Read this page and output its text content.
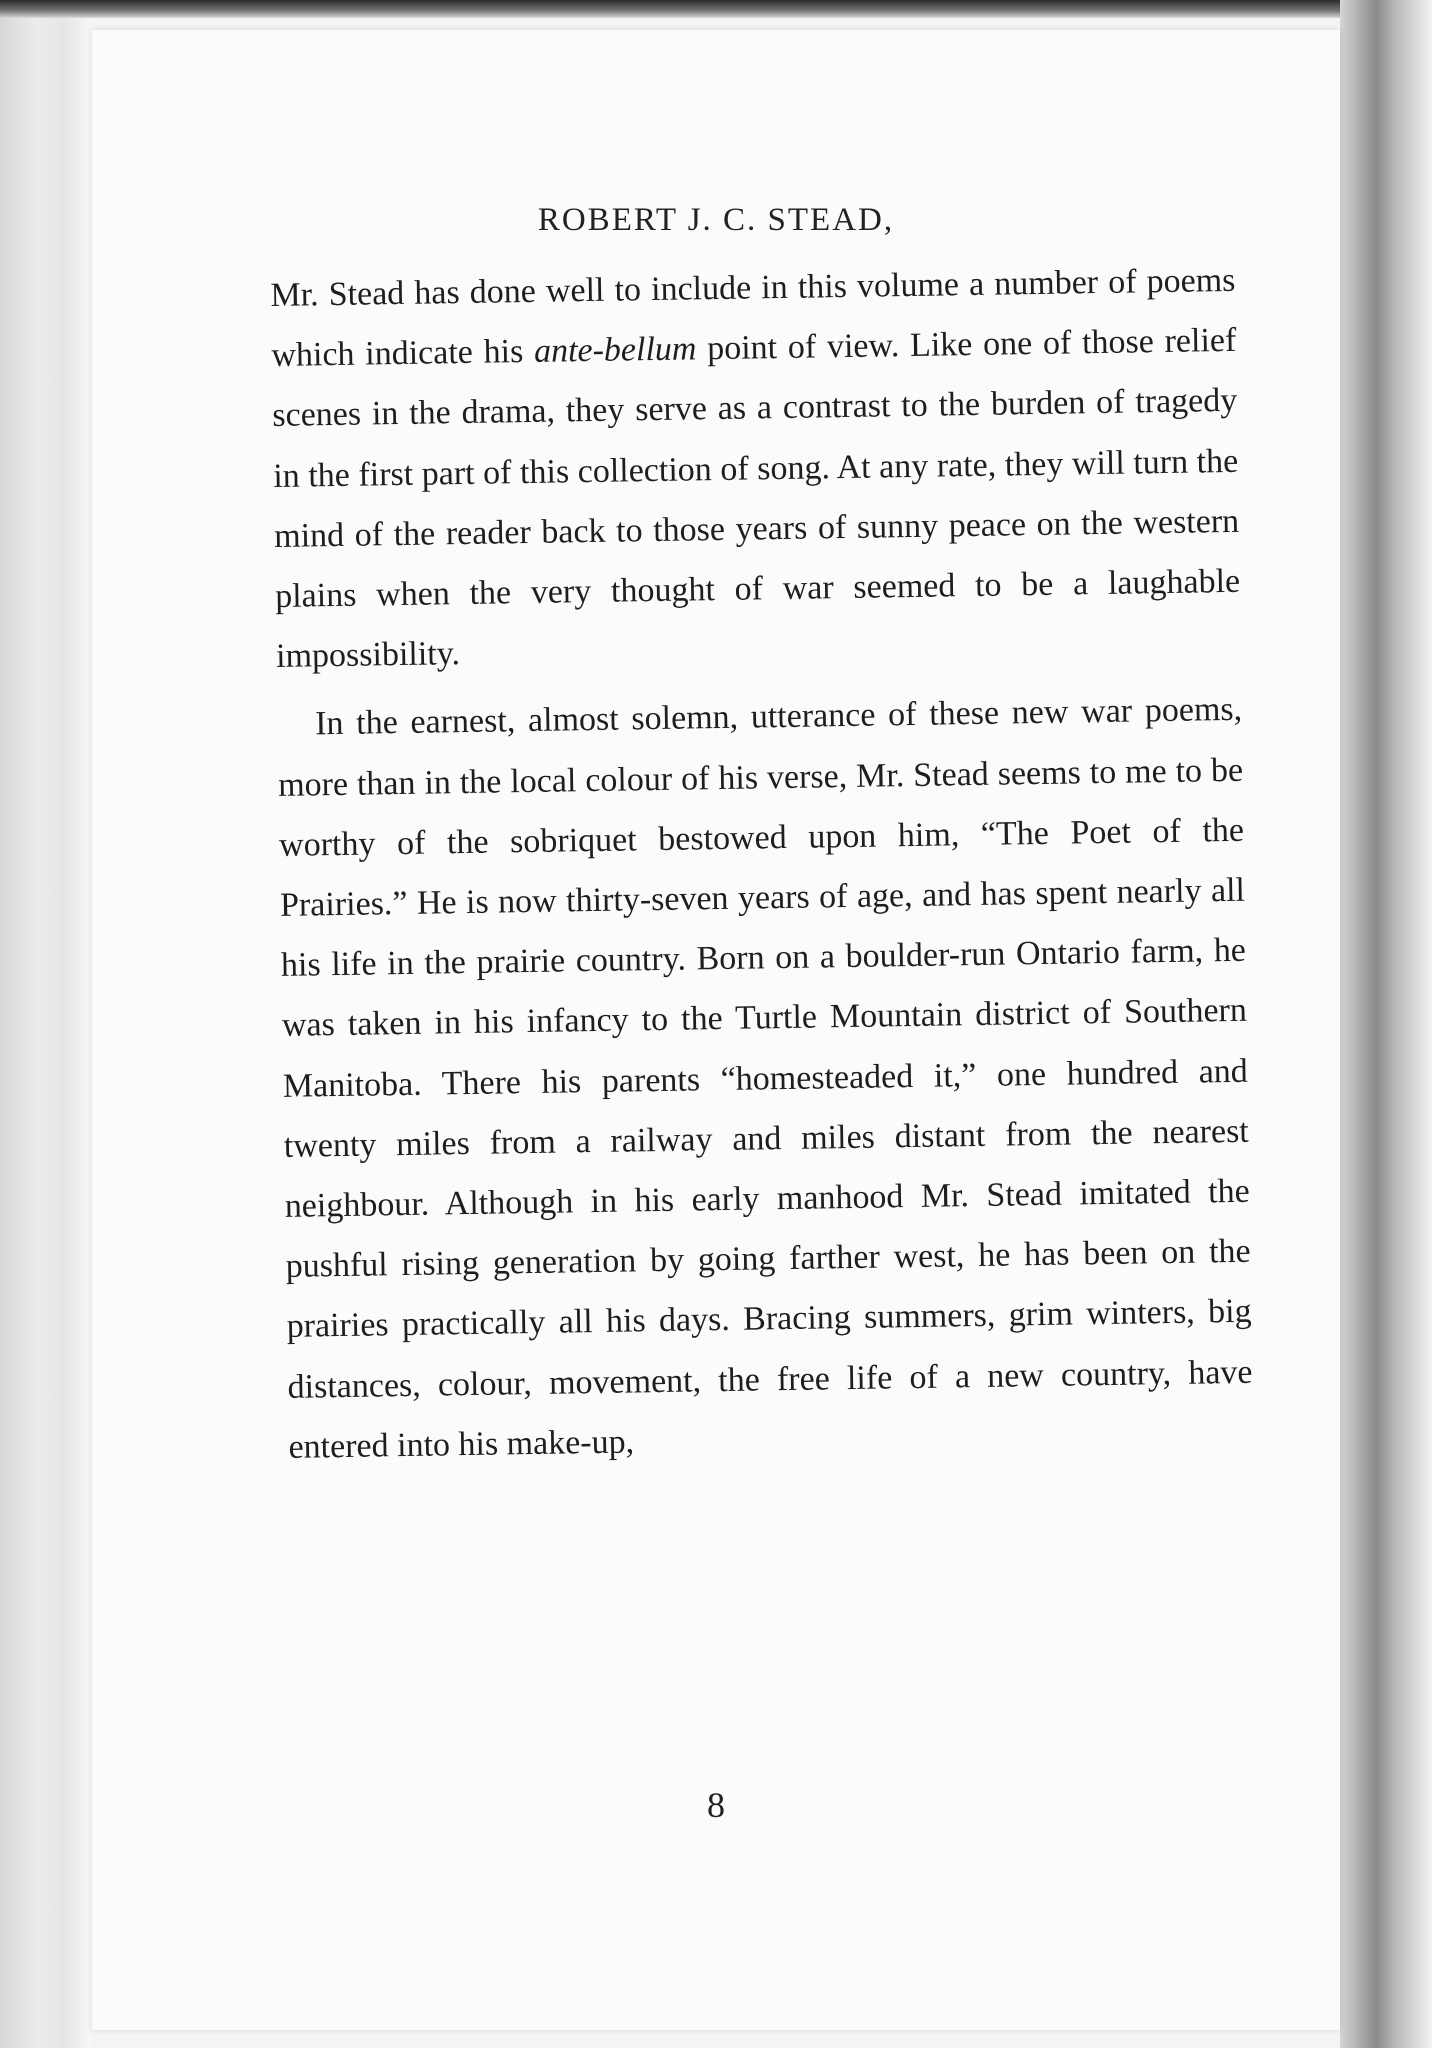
ROBERT J. C. STEAD,

Mr. Stead has done well to include in this volume a number of poems which indicate his ante-bellum point of view. Like one of those relief scenes in the drama, they serve as a contrast to the burden of tragedy in the first part of this collection of song. At any rate, they will turn the mind of the reader back to those years of sunny peace on the western plains when the very thought of war seemed to be a laughable impossibility.

In the earnest, almost solemn, utterance of these new war poems, more than in the local colour of his verse, Mr. Stead seems to me to be worthy of the sobriquet bestowed upon him, “The Poet of the Prairies.” He is now thirty-seven years of age, and has spent nearly all his life in the prairie country. Born on a boulder-run Ontario farm, he was taken in his infancy to the Turtle Mountain district of Southern Manitoba. There his parents “homesteaded it,” one hundred and twenty miles from a railway and miles distant from the nearest neighbour. Although in his early manhood Mr. Stead imitated the pushful rising generation by going farther west, he has been on the prairies practically all his days. Bracing summers, grim winters, big distances, colour, movement, the free life of a new country, have entered into his make-up,

8
